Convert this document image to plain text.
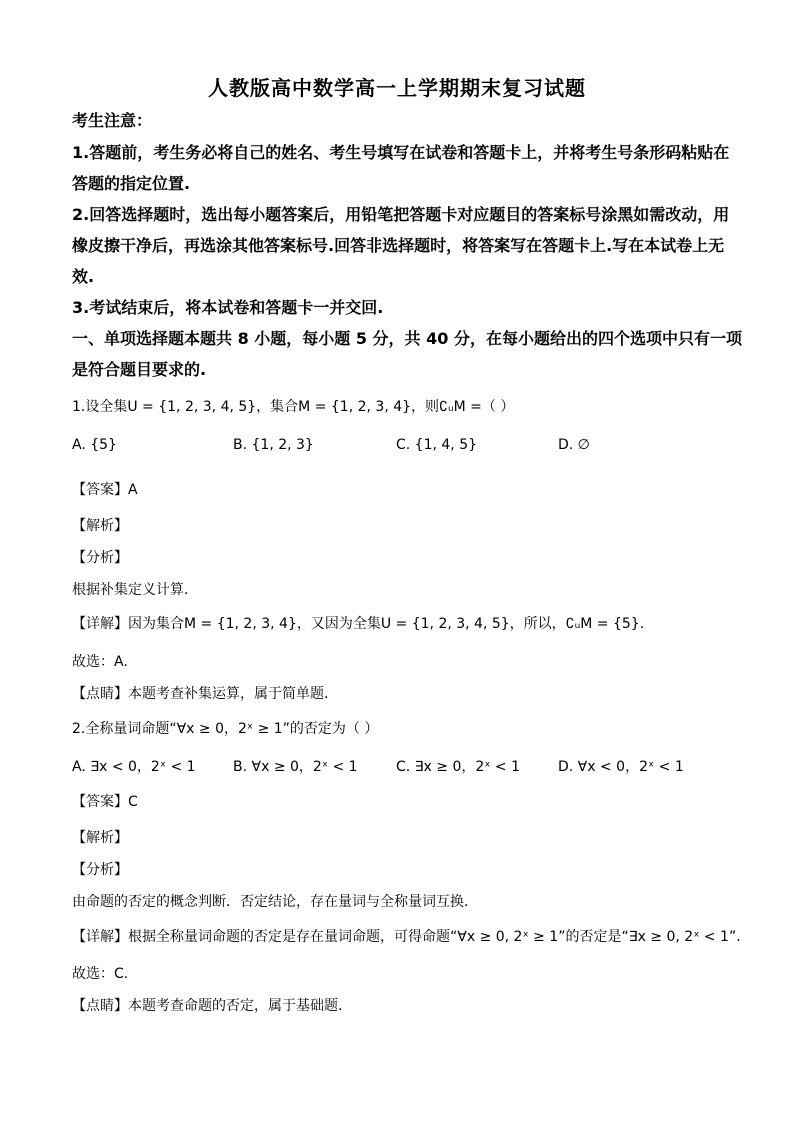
人教版高中数学高一上学期期末复习试题
考生注意：
1.答题前，考生务必将自己的姓名、考生号填写在试卷和答题卡上，并将考生号条形码粘贴在
答题的指定位置.
2.回答选择题时，选出每小题答案后，用铅笔把答题卡对应题目的答案标号涂黑如需改动，用
橡皮擦干净后，再选涂其他答案标号.回答非选择题时，将答案写在答题卡上.写在本试卷上无
效.
3.考试结束后，将本试卷和答题卡一并交回.
一、单项选择题本题共 8 小题，每小题 5 分，共 40 分，在每小题给出的四个选项中只有一项
是符合题目要求的.
1.设全集U = {1, 2, 3, 4, 5}，集合M = {1, 2, 3, 4}，则∁ᵤM =（ ）
A. {5}	B. {1, 2, 3}	C. {1, 4, 5}	D. ∅
【答案】A
【解析】
【分析】
根据补集定义计算．
【详解】因为集合M = {1, 2, 3, 4}，又因为全集U = {1, 2, 3, 4, 5}，所以，∁ᵤM = {5}.
故选：A.
【点睛】本题考查补集运算，属于简单题．
2.全称量词命题“∀x ≥ 0，2ˣ ≥ 1”的否定为（ ）
A. ∃x < 0，2ˣ < 1	B. ∀x ≥ 0，2ˣ < 1	C. ∃x ≥ 0，2ˣ < 1	D. ∀x < 0，2ˣ < 1
【答案】C
【解析】
【分析】
由命题的否定的概念判断．否定结论，存在量词与全称量词互换．
【详解】根据全称量词命题的否定是存在量词命题，可得命题“∀x ≥ 0, 2ˣ ≥ 1”的否定是“∃x ≥ 0, 2ˣ < 1”．
故选：C.
【点睛】本题考查命题的否定，属于基础题．
